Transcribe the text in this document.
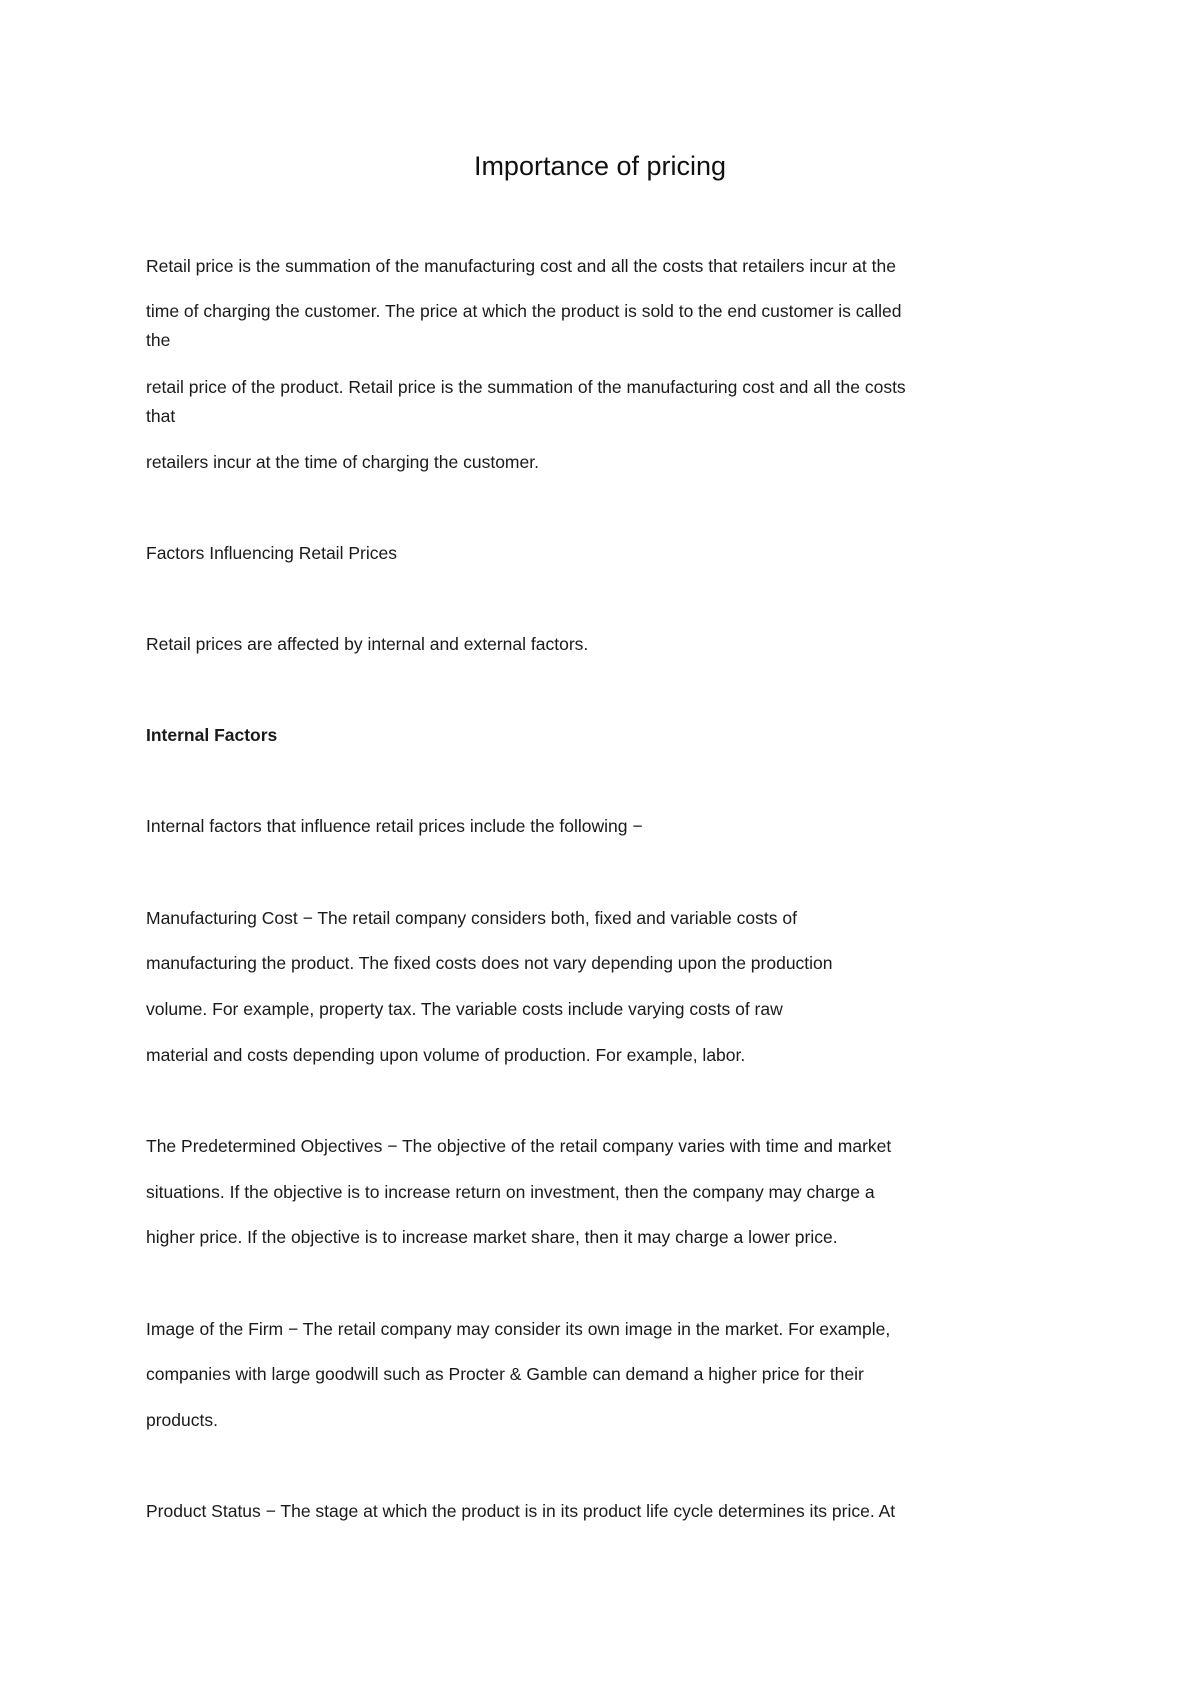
Importance of pricing
Retail price is the summation of the manufacturing cost and all the costs that retailers incur at the
time of charging the customer. The price at which the product is sold to the end customer is called
the
retail price of the product. Retail price is the summation of the manufacturing cost and all the costs
that
retailers incur at the time of charging the customer.
Factors Influencing Retail Prices
Retail prices are affected by internal and external factors.
Internal Factors
Internal factors that influence retail prices include the following −
Manufacturing Cost − The retail company considers both, fixed and variable costs of
manufacturing the product. The fixed costs does not vary depending upon the production
volume. For example, property tax. The variable costs include varying costs of raw
material and costs depending upon volume of production. For example, labor.
The Predetermined Objectives − The objective of the retail company varies with time and market
situations. If the objective is to increase return on investment, then the company may charge a
higher price. If the objective is to increase market share, then it may charge a lower price.
Image of the Firm − The retail company may consider its own image in the market. For example,
companies with large goodwill such as Procter & Gamble can demand a higher price for their
products.
Product Status − The stage at which the product is in its product life cycle determines its price. At
